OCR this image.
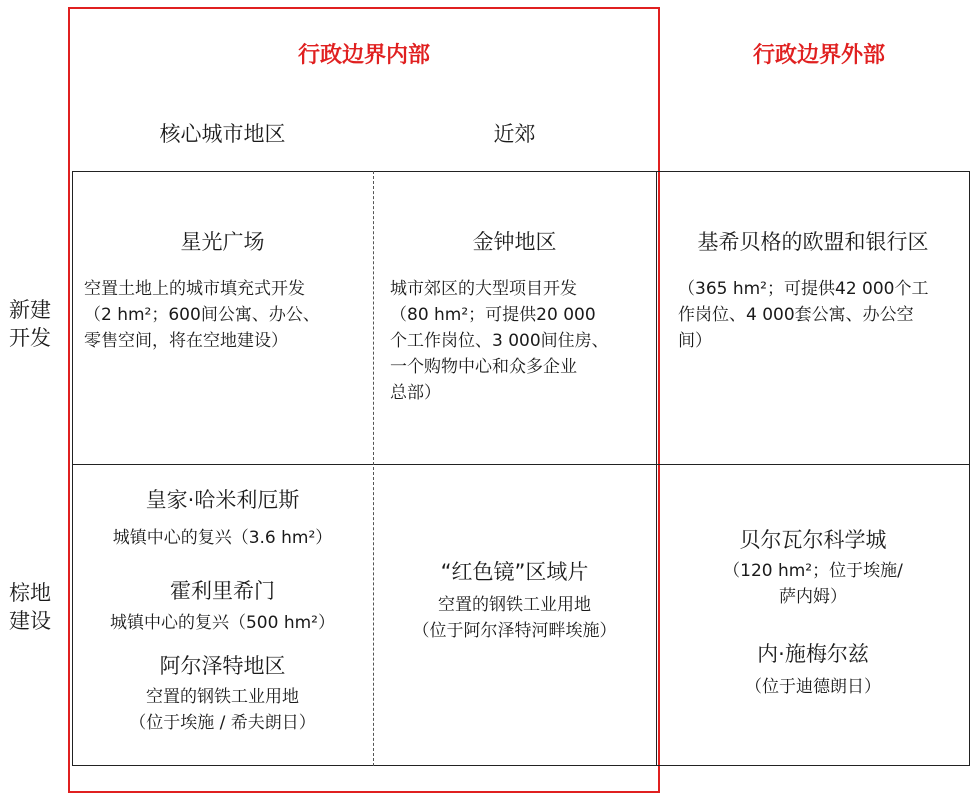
行政边界内部	行政边界外部
核心城市地区	近郊
新建
开发
棕地
建设
星光广场
空置土地上的城市填充式开发
（2 hm²；600间公寓、办公、
零售空间，将在空地建设）
金钟地区
城市郊区的大型项目开发
（80 hm²；可提供20 000
个工作岗位、3 000间住房、
一个购物中心和众多企业
总部）
基希贝格的欧盟和银行区
（365 hm²；可提供42 000个工
作岗位、4 000套公寓、办公空
间）
皇家·哈米利厄斯
城镇中心的复兴（3.6 hm²）
霍利里希门
城镇中心的复兴（500 hm²）
阿尔泽特地区
空置的钢铁工业用地
（位于埃施 / 希夫朗日）
“红色镜”区域片
空置的钢铁工业用地
（位于阿尔泽特河畔埃施）
贝尔瓦尔科学城
（120 hm²；位于埃施/
萨内姆）
内·施梅尔兹
（位于迪德朗日）
